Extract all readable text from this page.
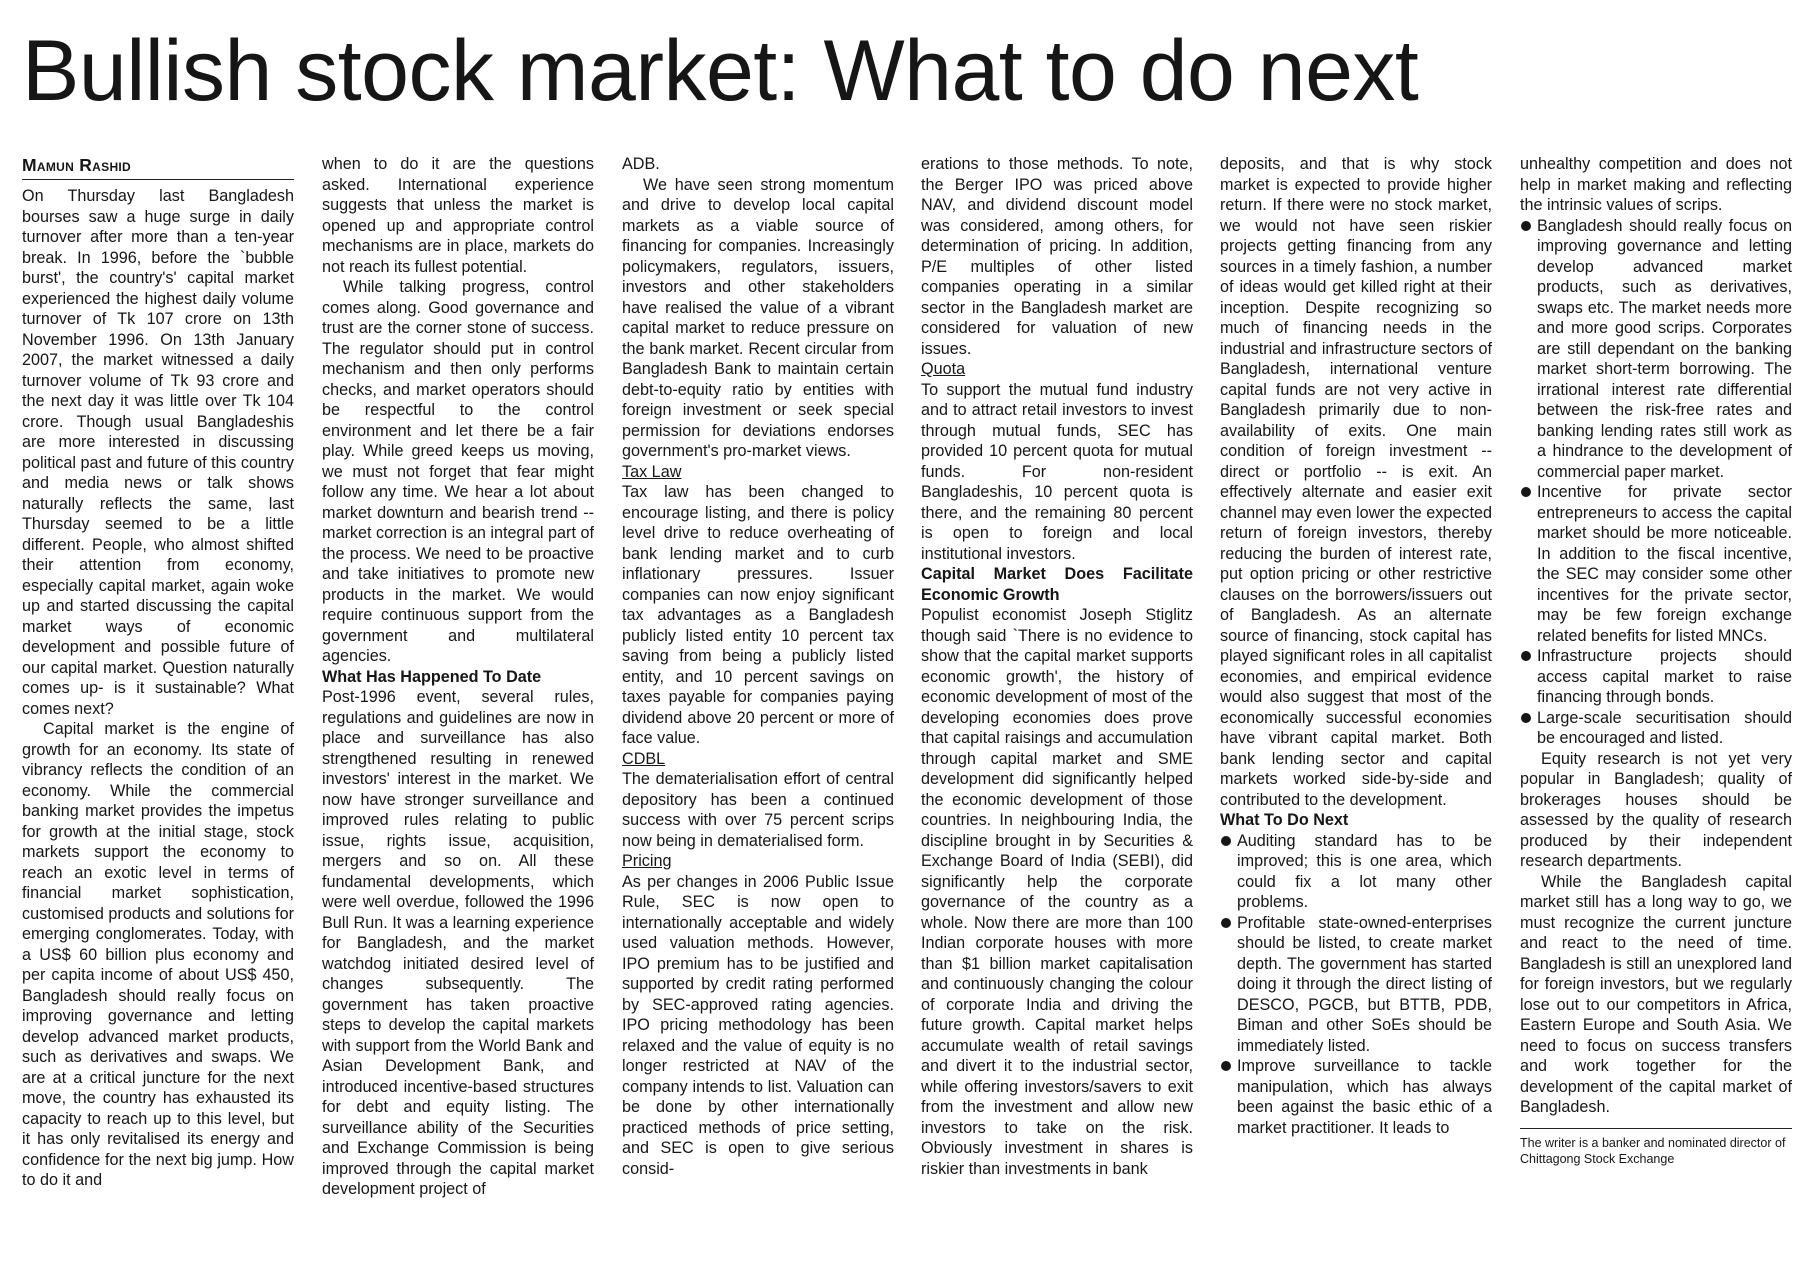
Bullish stock market: What to do next
Mamun Rashid

On Thursday last Bangladesh bourses saw a huge surge in daily turnover after more than a ten-year break. In 1996, before the `bubble burst', the country's' capital market experienced the highest daily volume turnover of Tk 107 crore on 13th November 1996. On 13th January 2007, the market witnessed a daily turnover volume of Tk 93 crore and the next day it was little over Tk 104 crore. Though usual Bangladeshis are more interested in discussing political past and future of this country and media news or talk shows naturally reflects the same, last Thursday seemed to be a little different. People, who almost shifted their attention from economy, especially capital market, again woke up and started discussing the capital market ways of economic development and possible future of our capital market. Question naturally comes up- is it sustainable? What comes next?

Capital market is the engine of growth for an economy. Its state of vibrancy reflects the condition of an economy. While the commercial banking market provides the impetus for growth at the initial stage, stock markets support the economy to reach an exotic level in terms of financial market sophistication, customised products and solutions for emerging conglomerates. Today, with a US$ 60 billion plus economy and per capita income of about US$ 450, Bangladesh should really focus on improving governance and letting develop advanced market products, such as derivatives and swaps. We are at a critical juncture for the next move, the country has exhausted its capacity to reach up to this level, but it has only revitalised its energy and confidence for the next big jump. How to do it and

when to do it are the questions asked. International experience suggests that unless the market is opened up and appropriate control mechanisms are in place, markets do not reach its fullest potential.

While talking progress, control comes along. Good governance and trust are the corner stone of success. The regulator should put in control mechanism and then only performs checks, and market operators should be respectful to the control environment and let there be a fair play. While greed keeps us moving, we must not forget that fear might follow any time. We hear a lot about market downturn and bearish trend -- market correction is an integral part of the process. We need to be proactive and take initiatives to promote new products in the market. We would require continuous support from the government and multilateral agencies.

What Has Happened To Date

Post-1996 event, several rules, regulations and guidelines are now in place and surveillance has also strengthened resulting in renewed investors' interest in the market. We now have stronger surveillance and improved rules relating to public issue, rights issue, acquisition, mergers and so on. All these fundamental developments, which were well overdue, followed the 1996 Bull Run. It was a learning experience for Bangladesh, and the market watchdog initiated desired level of changes subsequently. The government has taken proactive steps to develop the capital markets with support from the World Bank and Asian Development Bank, and introduced incentive-based structures for debt and equity listing. The surveillance ability of the Securities and Exchange Commission is being improved through the capital market development project of

ADB.

We have seen strong momentum and drive to develop local capital markets as a viable source of financing for companies. Increasingly policymakers, regulators, issuers, investors and other stakeholders have realised the value of a vibrant capital market to reduce pressure on the bank market. Recent circular from Bangladesh Bank to maintain certain debt-to-equity ratio by entities with foreign investment or seek special permission for deviations endorses government's pro-market views.

Tax Law

Tax law has been changed to encourage listing, and there is policy level drive to reduce overheating of bank lending market and to curb inflationary pressures. Issuer companies can now enjoy significant tax advantages as a Bangladesh publicly listed entity 10 percent tax saving from being a publicly listed entity, and 10 percent savings on taxes payable for companies paying dividend above 20 percent or more of face value.

CDBL

The dematerialisation effort of central depository has been a continued success with over 75 percent scrips now being in dematerialised form.

Pricing

As per changes in 2006 Public Issue Rule, SEC is now open to internationally acceptable and widely used valuation methods. However, IPO premium has to be justified and supported by credit rating performed by SEC-approved rating agencies. IPO pricing methodology has been relaxed and the value of equity is no longer restricted at NAV of the company intends to list. Valuation can be done by other internationally practiced methods of price setting, and SEC is open to give serious consid-

erations to those methods. To note, the Berger IPO was priced above NAV, and dividend discount model was considered, among others, for determination of pricing. In addition, P/E multiples of other listed companies operating in a similar sector in the Bangladesh market are considered for valuation of new issues.

Quota

To support the mutual fund industry and to attract retail investors to invest through mutual funds, SEC has provided 10 percent quota for mutual funds. For non-resident Bangladeshis, 10 percent quota is there, and the remaining 80 percent is open to foreign and local institutional investors.

Capital Market Does Facilitate Economic Growth

Populist economist Joseph Stiglitz though said `There is no evidence to show that the capital market supports economic growth', the history of economic development of most of the developing economies does prove that capital raisings and accumulation through capital market and SME development did significantly helped the economic development of those countries. In neighbouring India, the discipline brought in by Securities & Exchange Board of India (SEBI), did significantly help the corporate governance of the country as a whole. Now there are more than 100 Indian corporate houses with more than $1 billion market capitalisation and continuously changing the colour of corporate India and driving the future growth. Capital market helps accumulate wealth of retail savings and divert it to the industrial sector, while offering investors/savers to exit from the investment and allow new investors to take on the risk. Obviously investment in shares is riskier than investments in bank

deposits, and that is why stock market is expected to provide higher return. If there were no stock market, we would not have seen riskier projects getting financing from any sources in a timely fashion, a number of ideas would get killed right at their inception. Despite recognizing so much of financing needs in the industrial and infrastructure sectors of Bangladesh, international venture capital funds are not very active in Bangladesh primarily due to non-availability of exits. One main condition of foreign investment -- direct or portfolio -- is exit. An effectively alternate and easier exit channel may even lower the expected return of foreign investors, thereby reducing the burden of interest rate, put option pricing or other restrictive clauses on the borrowers/issuers out of Bangladesh. As an alternate source of financing, stock capital has played significant roles in all capitalist economies, and empirical evidence would also suggest that most of the economically successful economies have vibrant capital market. Both bank lending sector and capital markets worked side-by-side and contributed to the development.

What To Do Next

Auditing standard has to be improved; this is one area, which could fix a lot many other problems.

Profitable state-owned-enterprises should be listed, to create market depth. The government has started doing it through the direct listing of DESCO, PGCB, but BTTB, PDB, Biman and other SoEs should be immediately listed.

Improve surveillance to tackle manipulation, which has always been against the basic ethic of a market practitioner. It leads to

unhealthy competition and does not help in market making and reflecting the intrinsic values of scrips.

Bangladesh should really focus on improving governance and letting develop advanced market products, such as derivatives, swaps etc. The market needs more and more good scrips. Corporates are still dependant on the banking market short-term borrowing. The irrational interest rate differential between the risk-free rates and banking lending rates still work as a hindrance to the development of commercial paper market.

Incentive for private sector entrepreneurs to access the capital market should be more noticeable. In addition to the fiscal incentive, the SEC may consider some other incentives for the private sector, may be few foreign exchange related benefits for listed MNCs.

Infrastructure projects should access capital market to raise financing through bonds.

Large-scale securitisation should be encouraged and listed.

Equity research is not yet very popular in Bangladesh; quality of brokerages houses should be assessed by the quality of research produced by their independent research departments.

While the Bangladesh capital market still has a long way to go, we must recognize the current juncture and react to the need of time. Bangladesh is still an unexplored land for foreign investors, but we regularly lose out to our competitors in Africa, Eastern Europe and South Asia. We need to focus on success transfers and work together for the development of the capital market of Bangladesh.

The writer is a banker and nominated director of Chittagong Stock Exchange
